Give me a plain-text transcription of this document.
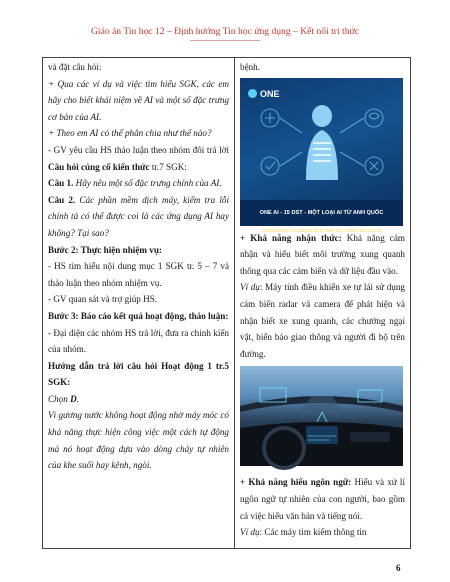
Giáo án Tin học 12 – Định hướng Tin học ứng dụng – Kết nối tri thức
-----------------------------------------------

và đặt câu hỏi:

+ Qua các ví dụ và việc tìm hiểu SGK, các em hãy cho biết khái niệm về AI và một số đặc trưng cơ bản của AI.

+ Theo em AI có thể phân chia như thế nào?

- GV yêu cầu HS thảo luận theo nhóm đôi trả lời Câu hỏi củng cố kiến thức tr.7 SGK:

Câu 1. Hãy nêu một số đặc trưng chính của AI.

Câu 2. Các phần mềm dịch máy, kiểm tra lỗi chính tả có thể được coi là các ứng dụng AI hay không? Tại sao?

Bước 2: Thực hiện nhiệm vụ:

- HS tìm hiểu nội dung mục 1 SGK tr. 5 – 7 và thảo luận theo nhóm nhiệm vụ.

- GV quan sát và trợ giúp HS.

Bước 3: Báo cáo kết quả hoạt động, thảo luận:

- Đại diện các nhóm HS trả lời, đưa ra chính kiến của nhóm.

Hướng dẫn trả lời câu hỏi Hoạt động 1 tr.5 SGK:

Chọn D.

Vì gương nước không hoạt động nhờ máy móc có khả năng thực hiện công việc một cách tự động mà nó hoạt động dựa vào dòng chảy tự nhiên của khe suối hay kênh, ngòi.

bệnh.

ONE
ONE AI - 15 DST - MỘT LOẠI AI TỪ ANH QUỐC
CHẨN ĐOÁN CÁC BỆNH MÃN TÍNH DỰA TRÊN MÃ ICD-10

+ Khả năng nhận thức: Khả năng cảm nhận và hiểu biết môi trường xung quanh thông qua các cảm biến và dữ liệu đầu vào.

Ví dụ: Máy tính điều khiển xe tự lái sử dụng cảm biến radar và camera để phát hiện và nhận biết xe xung quanh, các chướng ngại vật, biển báo giao thông và người đi bộ trên đường.

+ Khả năng hiểu ngôn ngữ: Hiểu và xử lí ngôn ngữ tự nhiên của con người, bao gồm cả việc hiểu văn bản và tiếng nói.

Ví dụ: Các máy tìm kiếm thông tin

6
